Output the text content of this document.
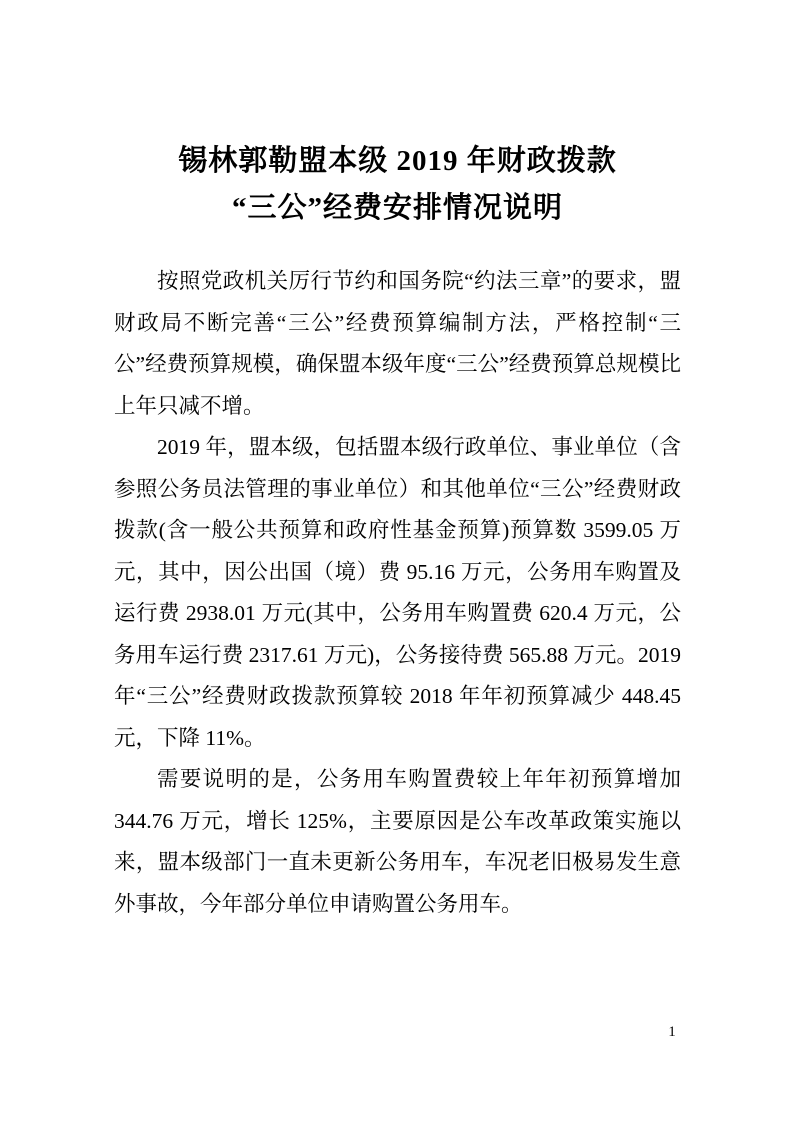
锡林郭勒盟本级 2019 年财政拨款
“三公”经费安排情况说明

按照党政机关厉行节约和国务院“约法三章”的要求，盟财政局不断完善“三公”经费预算编制方法，严格控制“三公”经费预算规模，确保盟本级年度“三公”经费预算总规模比上年只减不增。

2019 年，盟本级，包括盟本级行政单位、事业单位（含参照公务员法管理的事业单位）和其他单位“三公”经费财政拨款(含一般公共预算和政府性基金预算)预算数 3599.05 万元，其中，因公出国（境）费 95.16 万元，公务用车购置及运行费 2938.01 万元(其中，公务用车购置费 620.4 万元，公务用车运行费 2317.61 万元)，公务接待费 565.88 万元。2019 年“三公”经费财政拨款预算较 2018 年年初预算减少 448.45 元，下降 11%。

需要说明的是，公务用车购置费较上年年初预算增加 344.76 万元，增长 125%，主要原因是公车改革政策实施以来，盟本级部门一直未更新公务用车，车况老旧极易发生意外事故，今年部分单位申请购置公务用车。

1
